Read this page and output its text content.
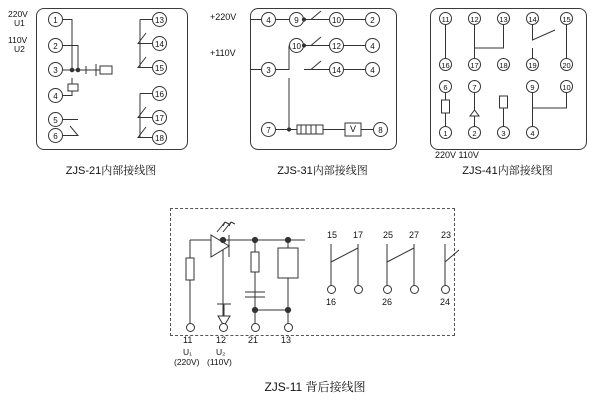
220V
U1
110V
U2
1
2
3
4
5
6
13
14
15
16
17
18
ZJS-21内部接线图
+220V
+110V
4	9	10	2
10	12	4
3	14	4
7	8
V
ZJS-31内部接线图
11	12	13	14	15
16	17	18	19	20
6	7	9	10
1	2	3	4
220V 110V
ZJS-41内部接线图
11	12 21	13
U₁	U₂
(220V) (110V)
15 17 25 27 23
16	26	24
ZJS-11 背后接线图
